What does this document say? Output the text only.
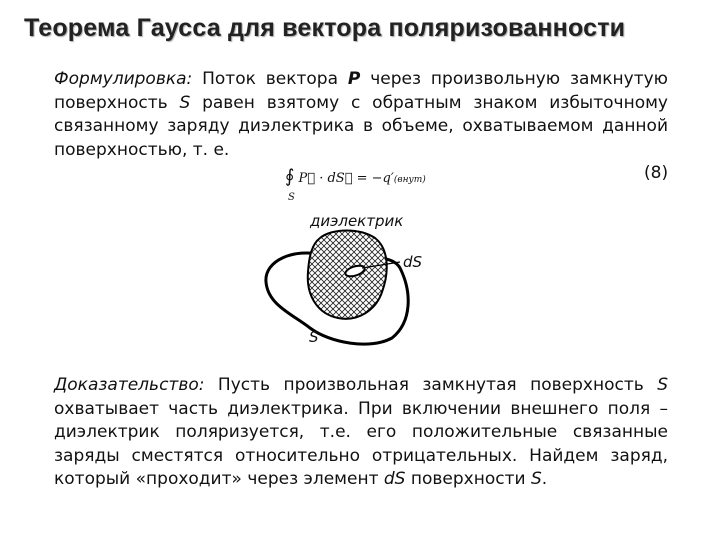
Теорема Гаусса для вектора поляризованности
Формулировка: Поток вектора P через произвольную замкнутую поверхность S равен взятому с обратным знаком избыточному связанному заряду диэлектрика в объеме, охватываемом данной поверхностью, т. е.
∮ P⃗ · dS⃗ = −q′(внут)
S
(8)
диэлектрик
dS
S
Доказательство: Пусть произвольная замкнутая поверхность S охватывает часть диэлектрика. При включении внешнего поля – диэлектрик поляризуется, т.е. его положительные связанные заряды сместятся относительно отрицательных. Найдем заряд, который «проходит» через элемент dS поверхности S.
